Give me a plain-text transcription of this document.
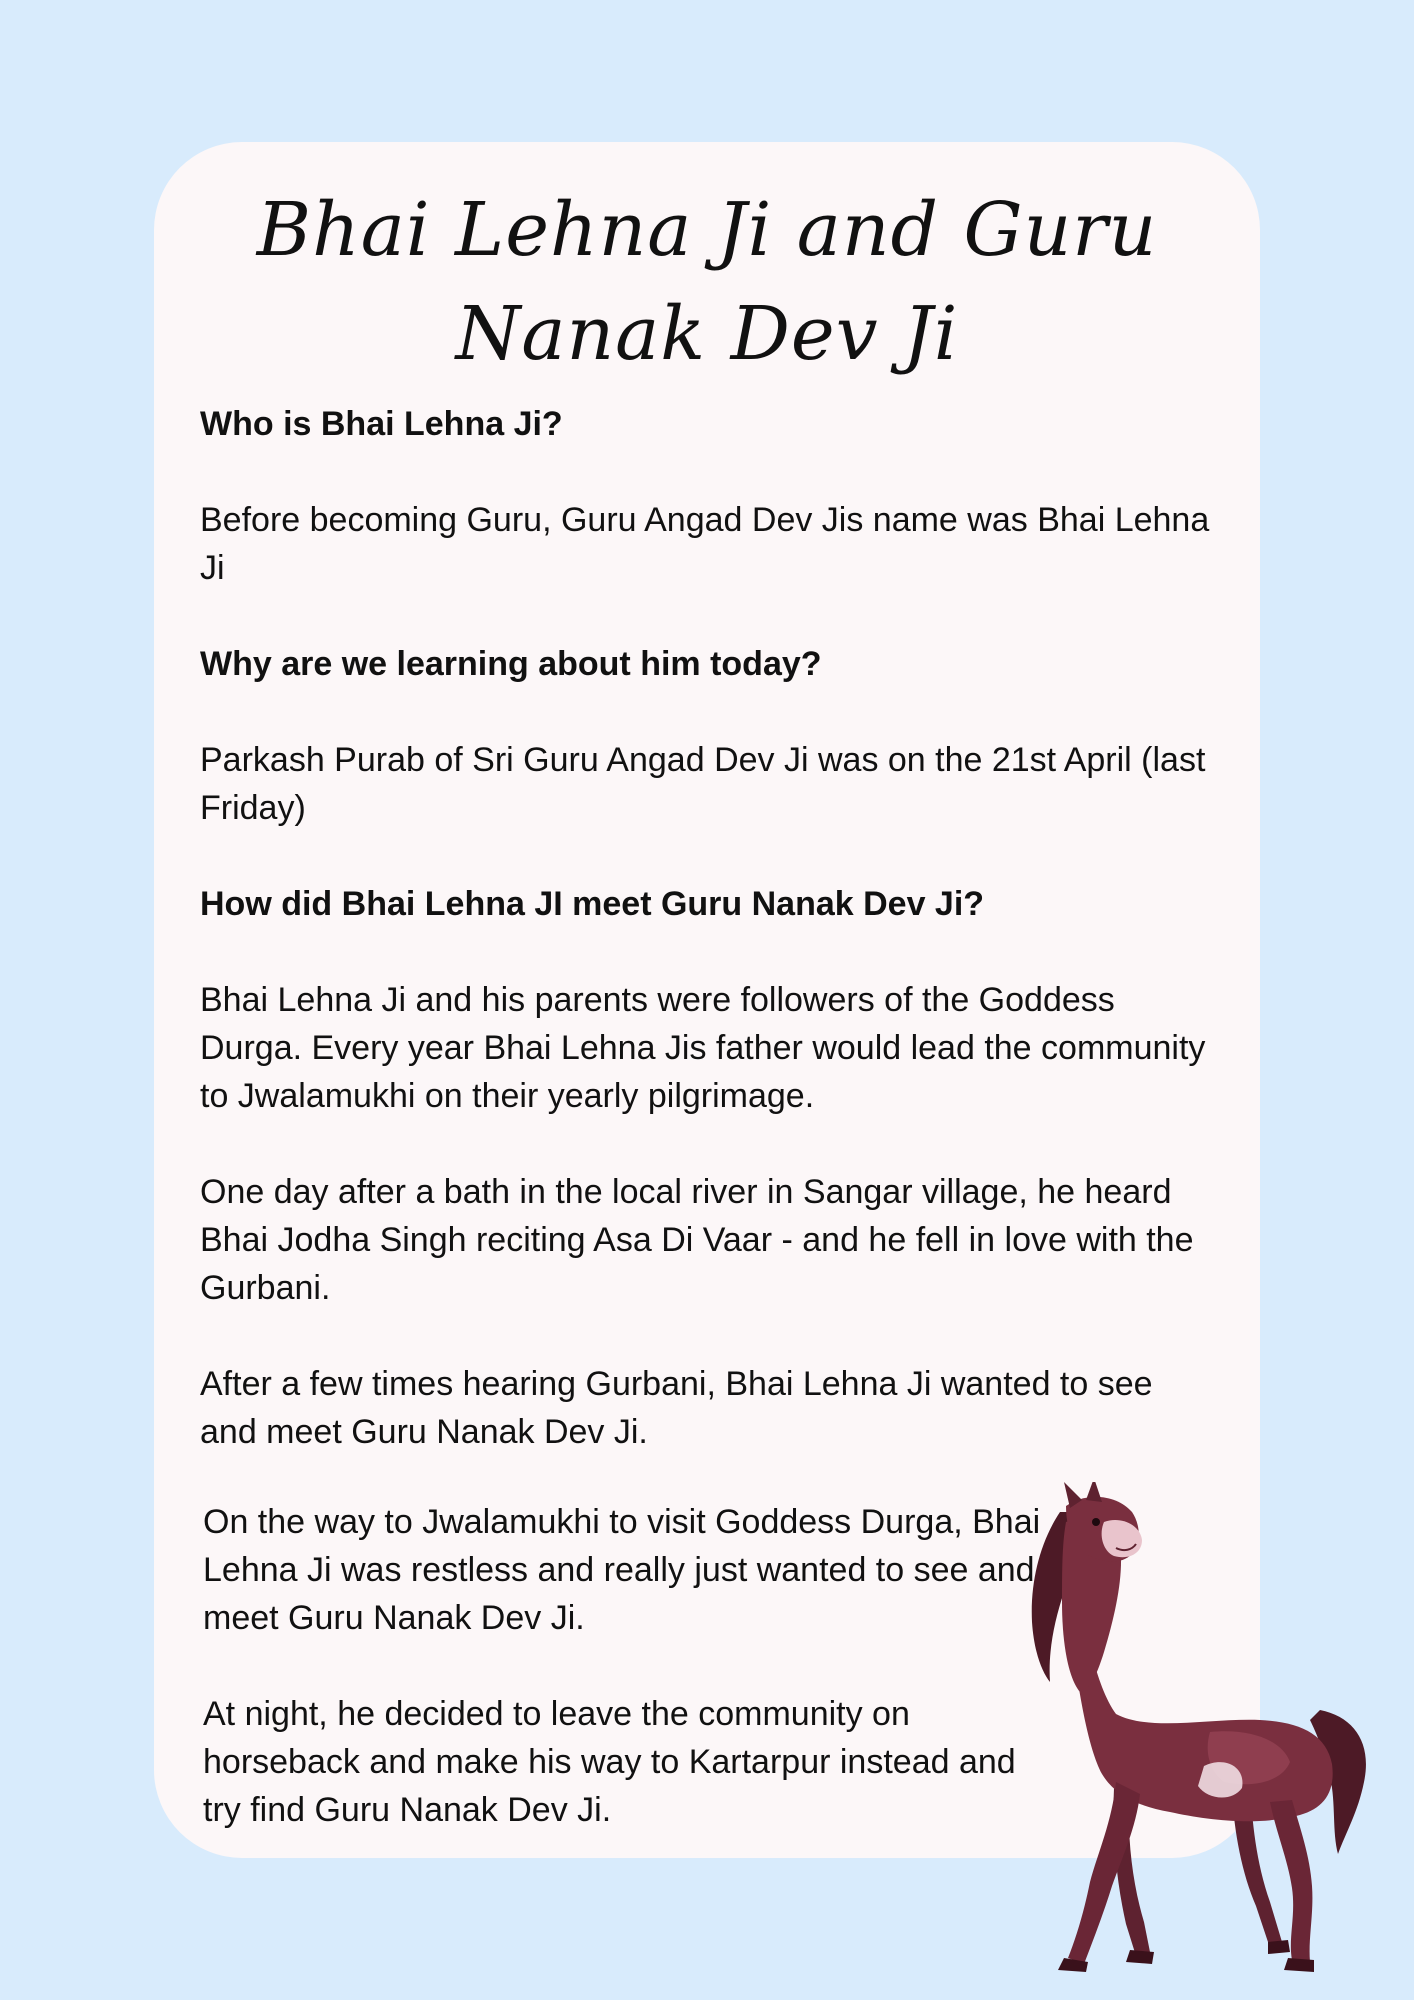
Bhai Lehna Ji and Guru Nanak Dev Ji

Who is Bhai Lehna Ji?

Before becoming Guru, Guru Angad Dev Jis name was Bhai Lehna Ji

Why are we learning about him today?

Parkash Purab of Sri Guru Angad Dev Ji was on the 21st April (last Friday)

How did Bhai Lehna JI meet Guru Nanak Dev Ji?

Bhai Lehna Ji and his parents were followers of the Goddess Durga. Every year Bhai Lehna Jis father would lead the community to Jwalamukhi on their yearly pilgrimage.

One day after a bath in the local river in Sangar village, he heard Bhai Jodha Singh reciting Asa Di Vaar - and he fell in love with the Gurbani.

After a few times hearing Gurbani, Bhai Lehna Ji wanted to see and meet Guru Nanak Dev Ji.

On the way to Jwalamukhi to visit Goddess Durga, Bhai Lehna Ji was restless and really just wanted to see and meet Guru Nanak Dev Ji.

At night, he decided to leave the community on horseback and make his way to Kartarpur instead and try find Guru Nanak Dev Ji.
